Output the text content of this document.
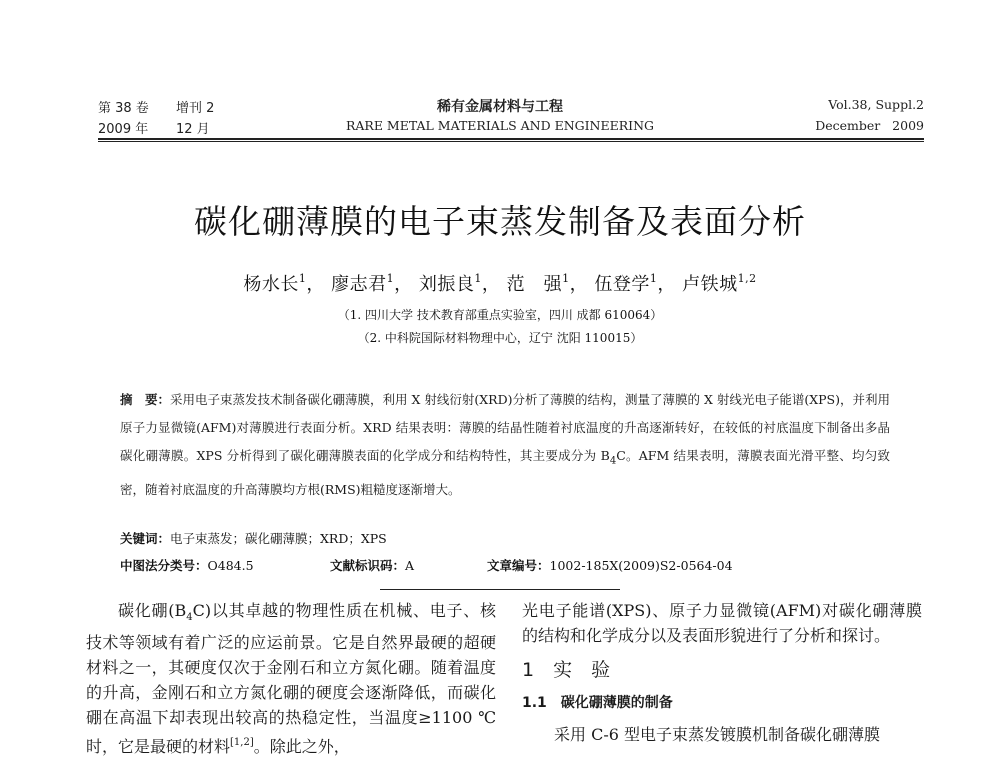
第 38 卷 增刊 2
2009 年 12 月
稀有金属材料与工程
RARE METAL MATERIALS AND ENGINEERING
Vol.38, Suppl.2
December   2009
碳化硼薄膜的电子束蒸发制备及表面分析
杨水长$^1$， 廖志君$^1$， 刘振良$^1$， 范　强$^1$， 伍登学$^1$， 卢铁城$^{1,2}$
（1. 四川大学 技术教育部重点实验室，四川 成都 610064）
（2. 中科院国际材料物理中心，辽宁 沈阳 110015）
摘　要：采用电子束蒸发技术制备碳化硼薄膜，利用 X 射线衍射(XRD)分析了薄膜的结构，测量了薄膜的 X 射线光电子能谱(XPS)，并利用原子力显微镜(AFM)对薄膜进行表面分析。XRD 结果表明：薄膜的结晶性随着衬底温度的升高逐渐转好，在较低的衬底温度下制备出多晶碳化硼薄膜。XPS 分析得到了碳化硼薄膜表面的化学成分和结构特性，其主要成分为 $B_4C$。AFM 结果表明，薄膜表面光滑平整、均匀致密，随着衬底温度的升高薄膜均方根(RMS)粗糙度逐渐增大。
关键词：电子束蒸发；碳化硼薄膜；XRD；XPS
中图法分类号：O484.5	文献标识码：A	文章编号：1002-185X(2009)S2-0564-04

碳化硼$(B_4C)$以其卓越的物理性质在机械、电子、核技术等领域有着广泛的应运前景。它是自然界最硬的超硬材料之一，其硬度仅次于金刚石和立方氮化硼。随着温度的升高，金刚石和立方氮化硼的硬度会逐渐降低，而碳化硼在高温下却表现出较高的热稳定性，当温度≥1100 ℃时，它是最硬的材料[1,2]。除此之外，

光电子能谱(XPS)、原子力显微镜(AFM)对碳化硼薄膜的结构和化学成分以及表面形貌进行了分析和探讨。

1　实　验
1.1　碳化硼薄膜的制备

采用 C-6 型电子束蒸发镀膜机制备碳化硼薄膜
